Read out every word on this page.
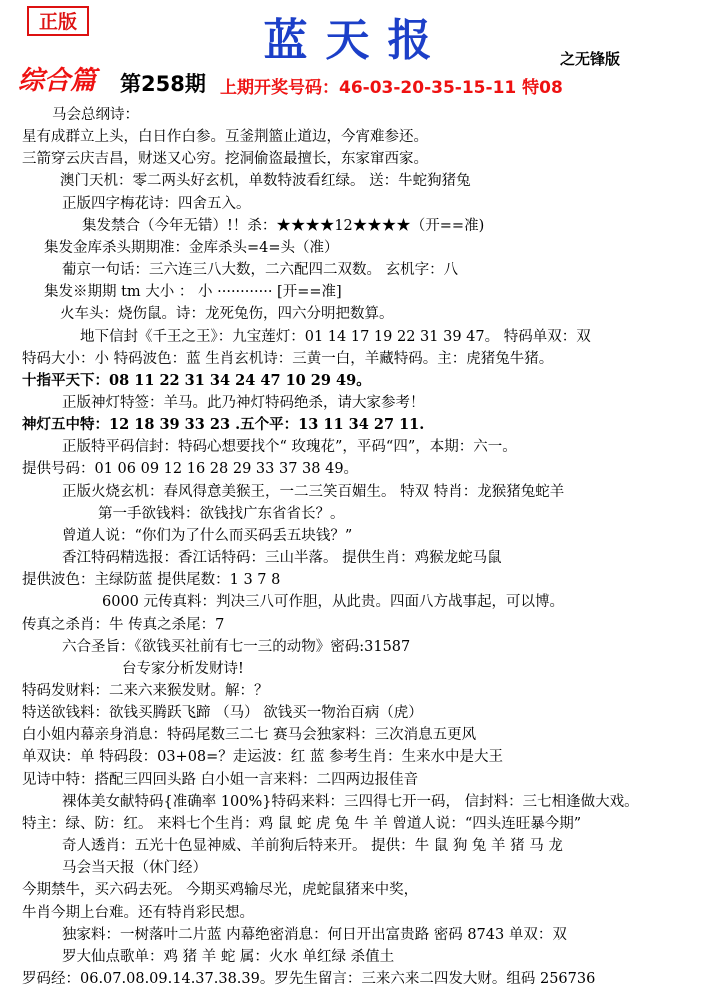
正版	蓝天报	之无锋版
综合篇 第258期 上期开奖号码：46-03-20-35-15-11 特08
马会总纲诗：
星有成群立上头，白日作白参。互釜荆篮止道边，今宵难参还。
三箭穿云庆吉昌，财迷又心穷。挖洞偷盗最擅长，东家窜西家。
澳门天机：零二两头好玄机，单数特波看红绿。 送：牛蛇狗猪兔
正版四字梅花诗：四舍五入。
集发禁合（今年无错）!！杀：★★★★12★★★★（开==准)
集发金库杀头期期准：金库杀头=4=头（准）
葡京一句话：三六连三八大数，二六配四二双数。 玄机字：八
集发※期期 tm 大小 ： 小 ············ [开==准]
火车头：烧伤鼠。诗：龙死兔伤，四六分明把数算。
地下信封《千王之王》：九宝莲灯：01 14 17 19 22 31 39 47。 特码单双：双
特码大小：小 特码波色：蓝 生肖玄机诗：三黄一白，羊藏特码。主：虎猪兔牛猪。
十指平天下：08 11 22 31 34 24 47 10 29 49。
正版神灯特签：羊马。此乃神灯特码绝杀，请大家参考！
神灯五中特：12 18 39 33 23 .五个平：13 11 34 27 11.
正版特平码信封：特码心想要找个“ 玫瑰花”，平码“四”，本期：六一。
提供号码：01 06 09 12 16 28 29 33 37 38 49。
正版火烧玄机：春风得意美猴王，一二三笑百媚生。 特双 特肖：龙猴猪兔蛇羊
第一手欲钱料：欲钱找广东省省长？。
曾道人说：“你们为了什么而买码丢五块钱？”
香江特码精选报：香江话特码：三山半落。 提供生肖：鸡猴龙蛇马鼠
提供波色：主绿防蓝 提供尾数：1 3 7 8
6000 元传真料：判决三八可作胆，从此贵。四面八方战事起，可以博。
传真之杀肖：牛 传真之杀尾：7
六合圣旨：《欲钱买社前有七一三的动物》密码:31587
台专家分析发财诗!
特码发财料：二来六来猴发财。解：？
特送欲钱料：欲钱买腾跃飞蹄 （马） 欲钱买一物治百病（虎）
白小姐内幕亲身消息：特码尾数三二七 赛马会独家料：三次消息五更风
单双诀：单 特码段：03+08=？走运波：红 蓝 参考生肖：生来水中是大王
见诗中特：搭配三四回头路 白小姐一言来料：二四两边报佳音
裸体美女献特码{准确率 100%}特码来料：三四得七开一码， 信封料：三七相逢做大戏。
特主：绿、防：红。 来料七个生肖：鸡 鼠 蛇 虎 兔 牛 羊 曾道人说：“四头连旺暴今期”
奇人透肖：五光十色显神威、羊前狗后特来开。 提供：牛 鼠 狗 兔 羊 猪 马 龙
马会当天报（休门经）
今期禁牛，买六码去死。 今期买鸡输尽光，虎蛇鼠猪来中奖，
牛肖今期上台难。还有特肖彩民想。
独家料：一树落叶二片蓝 内幕绝密消息：何日开出富贵路 密码 8743 单双：双
罗大仙点歌单：鸡 猪 羊 蛇 属：火水 单红绿 杀值土
罗码经：06.07.08.09.14.37.38.39。罗先生留言：三来六来二四发大财。组码 256736
